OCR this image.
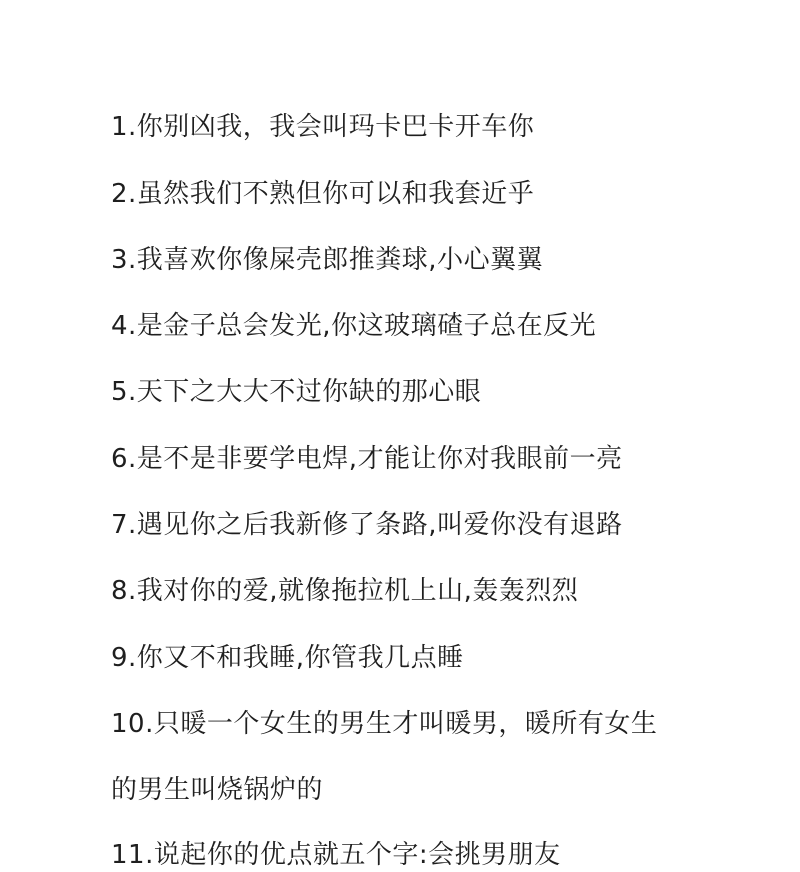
1.你别凶我，我会叫玛卡巴卡开车你
2.虽然我们不熟但你可以和我套近乎
3.我喜欢你像屎壳郎推粪球,小心翼翼
4.是金子总会发光,你这玻璃碴子总在反光
5.天下之大大不过你缺的那心眼
6.是不是非要学电焊,才能让你对我眼前一亮
7.遇见你之后我新修了条路,叫爱你没有退路
8.我对你的爱,就像拖拉机上山,轰轰烈烈
9.你又不和我睡,你管我几点睡
10.只暖一个女生的男生才叫暖男，暖所有女生
的男生叫烧锅炉的
11.说起你的优点就五个字:会挑男朋友
